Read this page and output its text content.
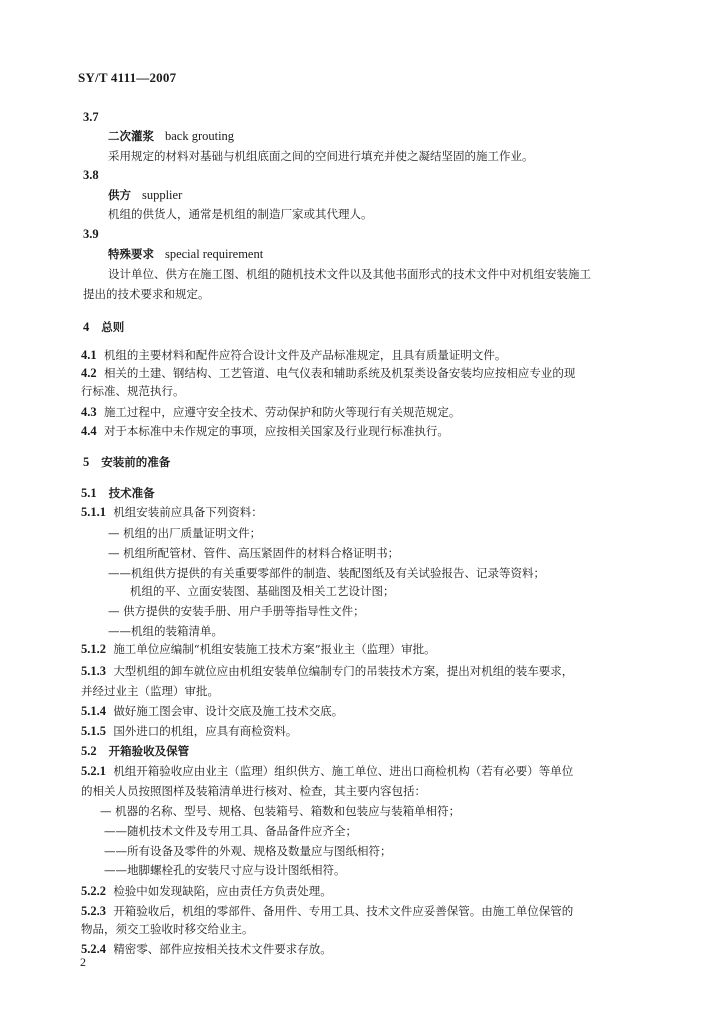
SY/T 4111—2007
3.7
二次灌浆 back grouting
采用规定的材料对基础与机组底面之间的空间进行填充并使之凝结坚固的施工作业。
3.8
供方 supplier
机组的供货人，通常是机组的制造厂家或其代理人。
3.9
特殊要求 special requirement
设计单位、供方在施工图、机组的随机技术文件以及其他书面形式的技术文件中对机组安装施工
提出的技术要求和规定。
4 总则
4.1 机组的主要材料和配件应符合设计文件及产品标准规定，且具有质量证明文件。
4.2 相关的土建、钢结构、工艺管道、电气仪表和辅助系统及机泵类设备安装均应按相应专业的现
行标准、规范执行。
4.3 施工过程中，应遵守安全技术、劳动保护和防火等现行有关规范规定。
4.4 对于本标准中未作规定的事项，应按相关国家及行业现行标准执行。
5 安装前的准备
5.1 技术准备
5.1.1 机组安装前应具备下列资料：
— 机组的出厂质量证明文件；
— 机组所配管材、管件、高压紧固件的材料合格证明书；
——机组供方提供的有关重要零部件的制造、装配图纸及有关试验报告、记录等资料；
机组的平、立面安装图、基础图及相关工艺设计图；
— 供方提供的安装手册、用户手册等指导性文件；
——机组的装箱清单。
5.1.2 施工单位应编制“机组安装施工技术方案”报业主（监理）审批。
5.1.3 大型机组的卸车就位应由机组安装单位编制专门的吊装技术方案，提出对机组的装车要求，
并经过业主（监理）审批。
5.1.4 做好施工图会审、设计交底及施工技术交底。
5.1.5 国外进口的机组，应具有商检资料。
5.2 开箱验收及保管
5.2.1 机组开箱验收应由业主（监理）组织供方、施工单位、进出口商检机构（若有必要）等单位
的相关人员按照图样及装箱清单进行核对、检查，其主要内容包括：
— 机器的名称、型号、规格、包装箱号、箱数和包装应与装箱单相符；
——随机技术文件及专用工具、备品备件应齐全；
——所有设备及零件的外观、规格及数量应与图纸相符；
——地脚螺栓孔的安装尺寸应与设计图纸相符。
5.2.2 检验中如发现缺陷，应由责任方负责处理。
5.2.3 开箱验收后，机组的零部件、备用件、专用工具、技术文件应妥善保管。由施工单位保管的
物品，须交工验收时移交给业主。
5.2.4 精密零、部件应按相关技术文件要求存放。
2
